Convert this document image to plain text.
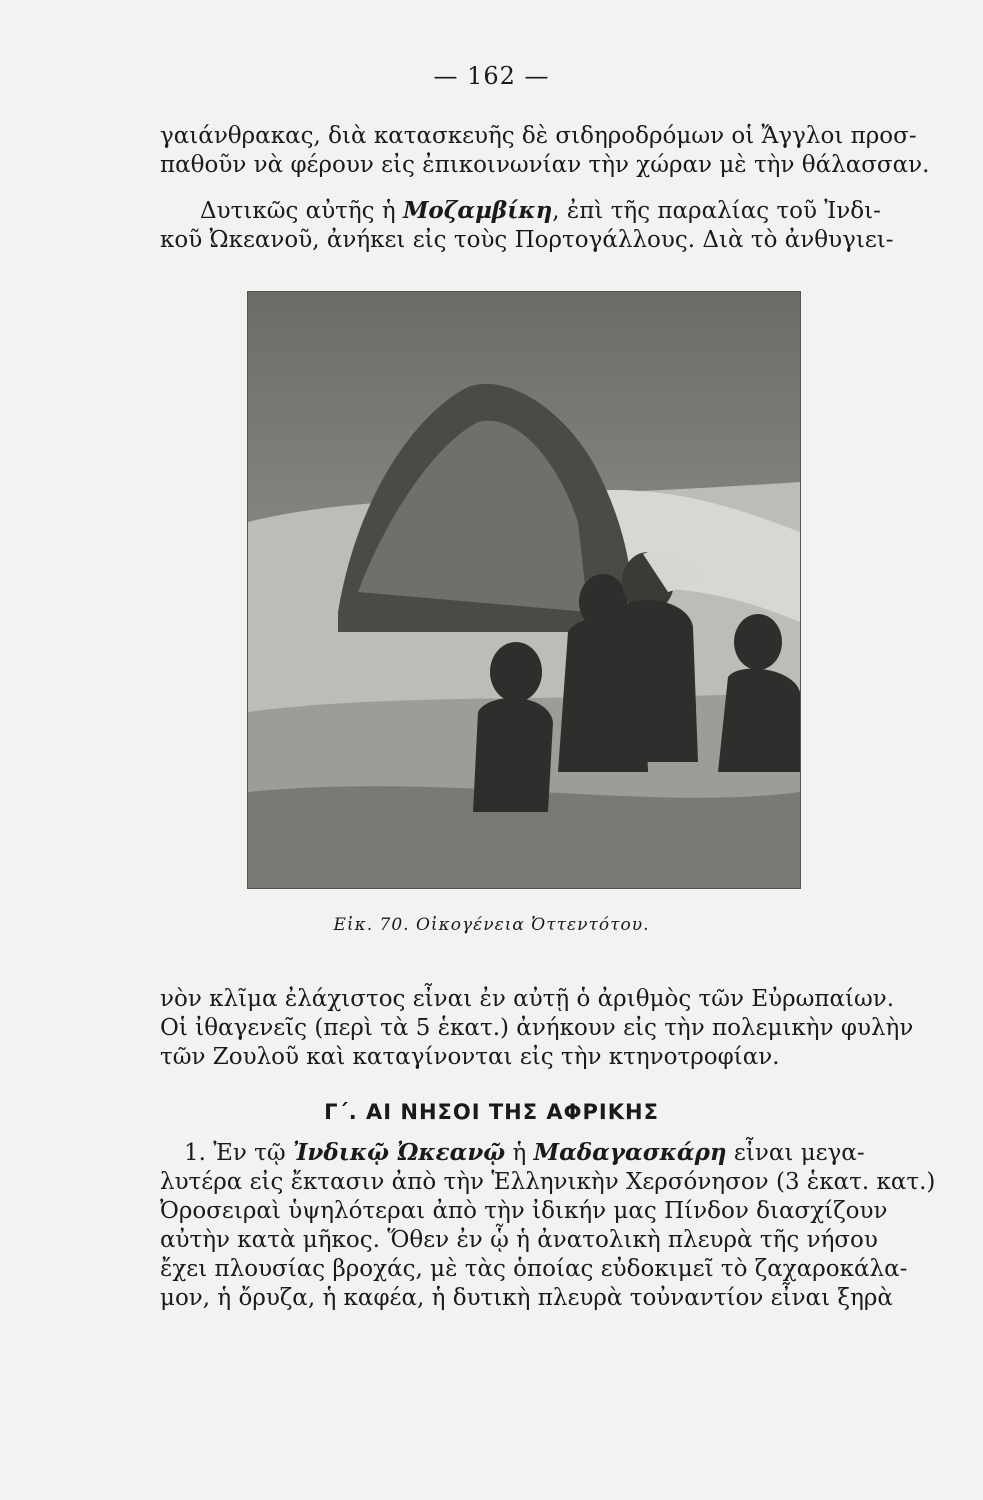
— 162 —
γαιάνθρακας, διὰ κατασκευῆς δὲ σιδηροδρόμων οἱ Ἄγγλοι προσ-
παθοῦν νὰ φέρουν εἰς ἐπικοινωνίαν τὴν χώραν μὲ τὴν θάλασσαν.
Δυτικῶς αὐτῆς ἡ Μοζαμβίκη, ἐπὶ τῆς παραλίας τοῦ Ἰνδι-
κοῦ Ὠκεανοῦ, ἀνήκει εἰς τοὺς Πορτογάλλους. Διὰ τὸ ἀνθυγιει-
Εἰκ. 70. Οἰκογένεια Ὀττεντότου.
νὸν κλῖμα ἐλάχιστος εἶναι ἐν αὐτῇ ὁ ἀριθμὸς τῶν Εὐρωπαίων.
Οἱ ἰθαγενεῖς (περὶ τὰ 5 ἑκατ.) ἀνήκουν εἰς τὴν πολεμικὴν φυλὴν
τῶν Ζουλοῦ καὶ καταγίνονται εἰς τὴν κτηνοτροφίαν.
Γ΄. ΑΙ ΝΗΣΟΙ ΤΗΣ ΑΦΡΙΚΗΣ
1. Ἐν τῷ Ἰνδικῷ Ὠκεανῷ ἡ Μαδαγασκάρη εἶναι μεγα-
λυτέρα εἰς ἔκτασιν ἀπὸ τὴν Ἑλληνικὴν Χερσόνησον (3 ἑκατ. κατ.)
Ὀροσειραὶ ὑψηλότεραι ἀπὸ τὴν ἰδικήν μας Πίνδον διασχίζουν
αὐτὴν κατὰ μῆκος. Ὅθεν ἐν ᾧ ἡ ἀνατολικὴ πλευρὰ τῆς νήσου
ἔχει πλουσίας βροχάς, μὲ τὰς ὁποίας εὐδοκιμεῖ τὸ ζαχαροκάλα-
μον, ἡ ὄρυζα, ἡ καφέα, ἡ δυτικὴ πλευρὰ τοὐναντίον εἶναι ξηρὰ
